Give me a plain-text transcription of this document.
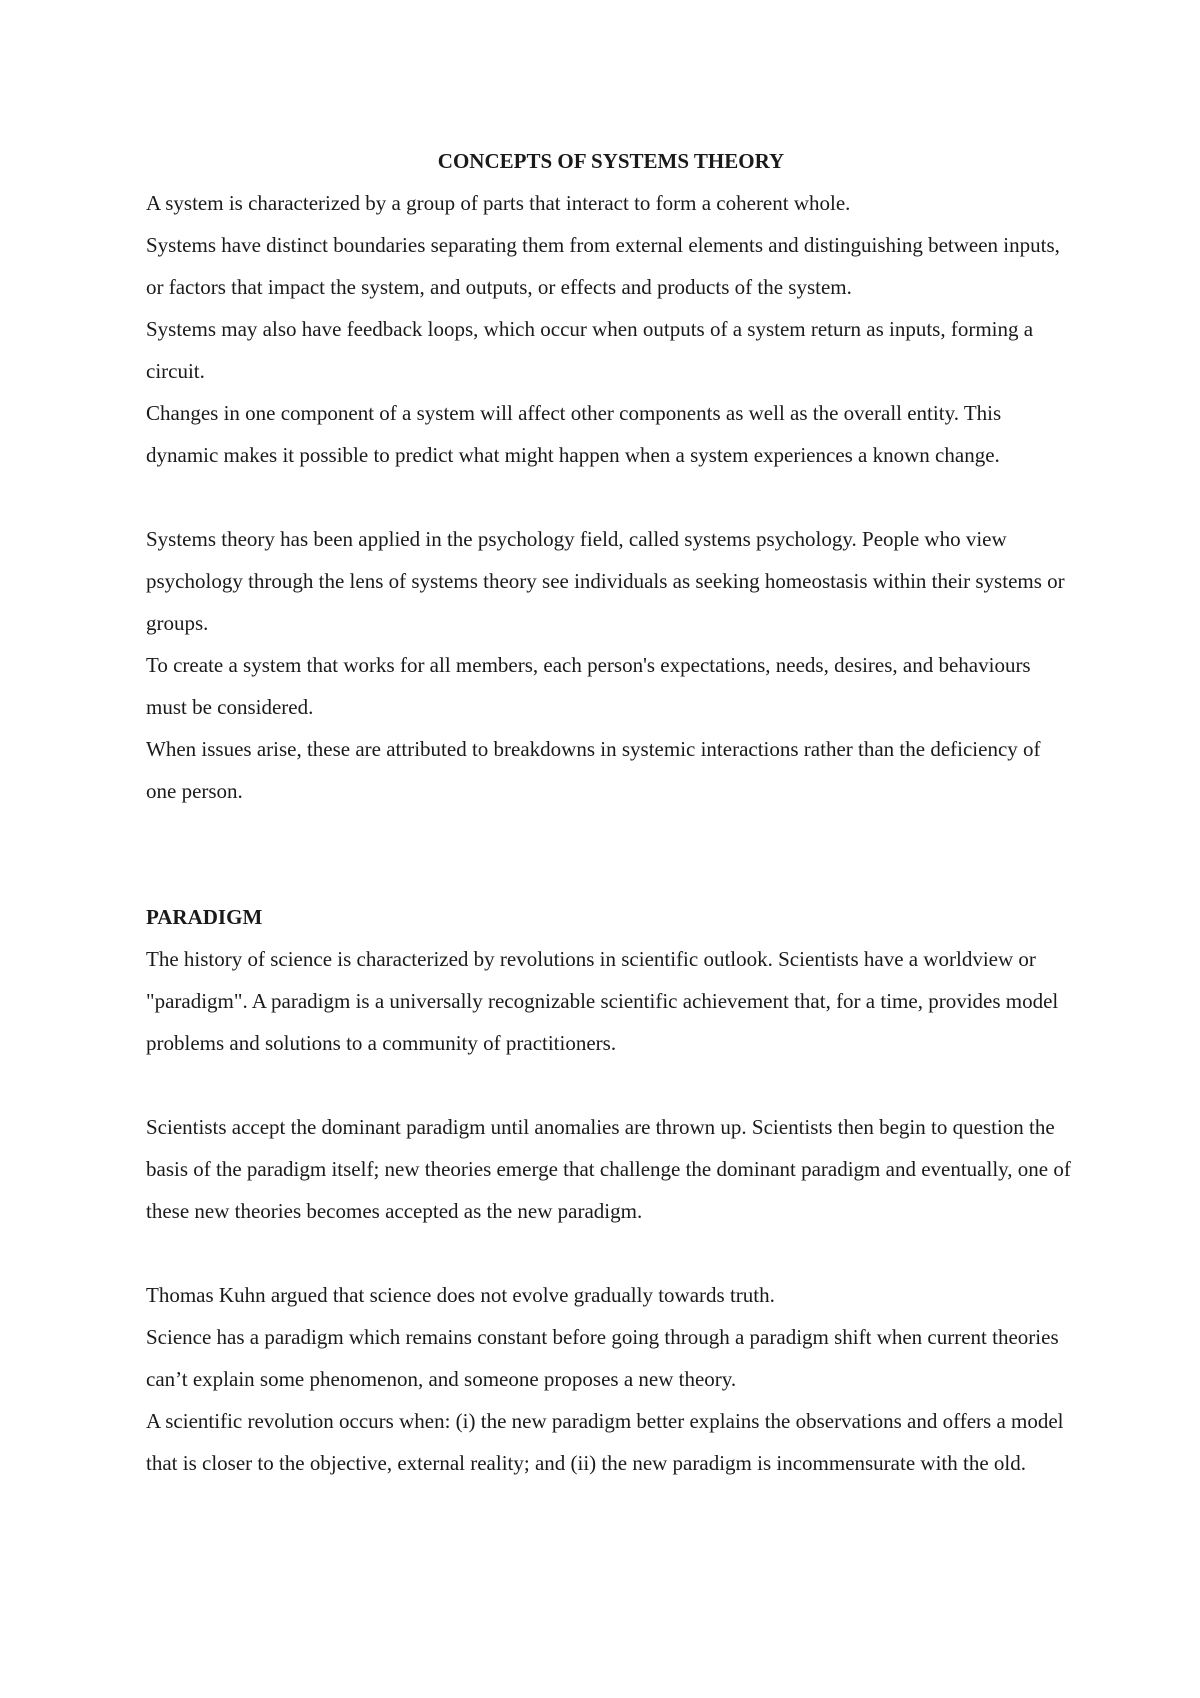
CONCEPTS OF SYSTEMS THEORY

A system is characterized by a group of parts that interact to form a coherent whole.

Systems have distinct boundaries separating them from external elements and distinguishing between inputs, or factors that impact the system, and outputs, or effects and products of the system.

Systems may also have feedback loops, which occur when outputs of a system return as inputs, forming a circuit.

Changes in one component of a system will affect other components as well as the overall entity. This dynamic makes it possible to predict what might happen when a system experiences a known change.

Systems theory has been applied in the psychology field, called systems psychology. People who view psychology through the lens of systems theory see individuals as seeking homeostasis within their systems or groups.

To create a system that works for all members, each person's expectations, needs, desires, and behaviours must be considered.

When issues arise, these are attributed to breakdowns in systemic interactions rather than the deficiency of one person.

PARADIGM

The history of science is characterized by revolutions in scientific outlook. Scientists have a worldview or "paradigm". A paradigm is a universally recognizable scientific achievement that, for a time, provides model problems and solutions to a community of practitioners.

Scientists accept the dominant paradigm until anomalies are thrown up. Scientists then begin to question the basis of the paradigm itself; new theories emerge that challenge the dominant paradigm and eventually, one of these new theories becomes accepted as the new paradigm.

Thomas Kuhn argued that science does not evolve gradually towards truth.

Science has a paradigm which remains constant before going through a paradigm shift when current theories can’t explain some phenomenon, and someone proposes a new theory.

A scientific revolution occurs when: (i) the new paradigm better explains the observations and offers a model that is closer to the objective, external reality; and (ii) the new paradigm is incommensurate with the old.
